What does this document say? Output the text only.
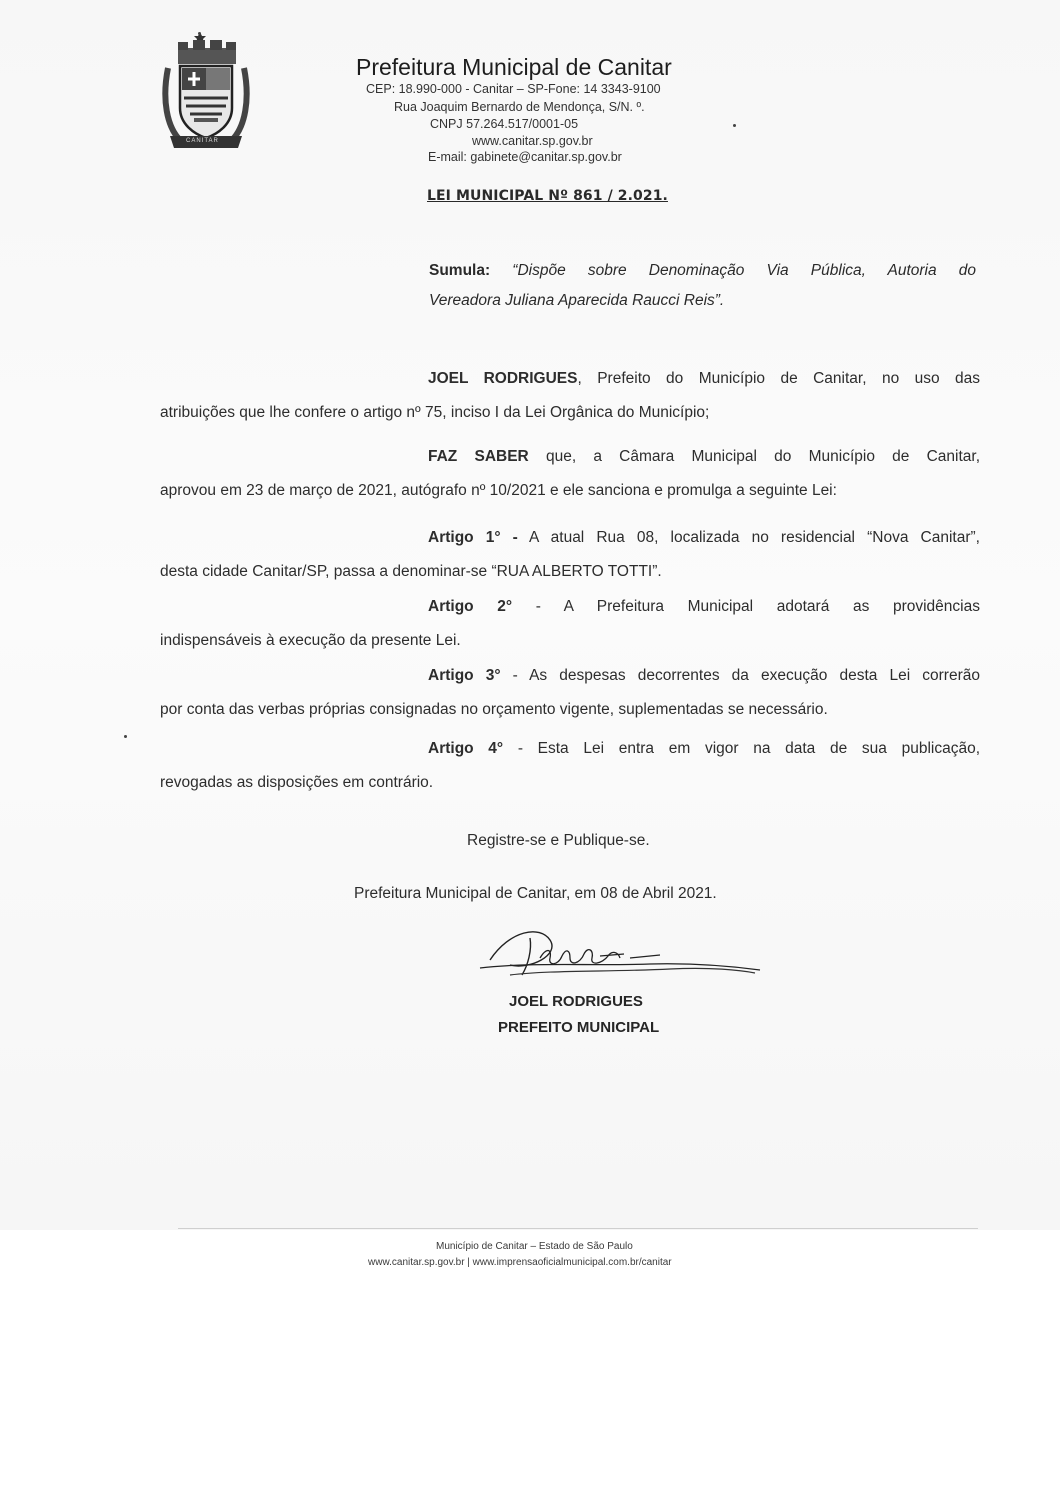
CANITAR
Prefeitura Municipal de Canitar
CEP: 18.990-000 - Canitar – SP-Fone: 14 3343-9100
Rua Joaquim Bernardo de Mendonça, S/N. º.
CNPJ 57.264.517/0001-05
www.canitar.sp.gov.br
E-mail: gabinete@canitar.sp.gov.br
LEI MUNICIPAL Nº 861 / 2.021.
Sumula: “Dispõe sobre Denominação Via Pública, Autoria do
Vereadora Juliana Aparecida Raucci Reis”.
JOEL RODRIGUES, Prefeito do Município de Canitar, no uso das
atribuições que lhe confere o artigo nº 75, inciso I da Lei Orgânica do Município;
FAZ SABER que, a Câmara Municipal do Município de Canitar,
aprovou em 23 de março de 2021, autógrafo nº 10/2021 e ele sanciona e promulga a seguinte Lei:
Artigo 1° - A atual Rua 08, localizada no residencial “Nova Canitar”,
desta cidade Canitar/SP, passa a denominar-se “RUA ALBERTO TOTTI”.
Artigo 2° - A Prefeitura Municipal adotará as providências
indispensáveis à execução da presente Lei.
Artigo 3° - As despesas decorrentes da execução desta Lei correrão
por conta das verbas próprias consignadas no orçamento vigente, suplementadas se necessário.
Artigo 4° - Esta Lei entra em vigor na data de sua publicação,
revogadas as disposições em contrário.
Registre-se e Publique-se.
Prefeitura Municipal de Canitar, em 08 de Abril 2021.
JOEL RODRIGUES
PREFEITO MUNICIPAL
Município de Canitar – Estado de São Paulo
www.canitar.sp.gov.br | www.imprensaoficialmunicipal.com.br/canitar
